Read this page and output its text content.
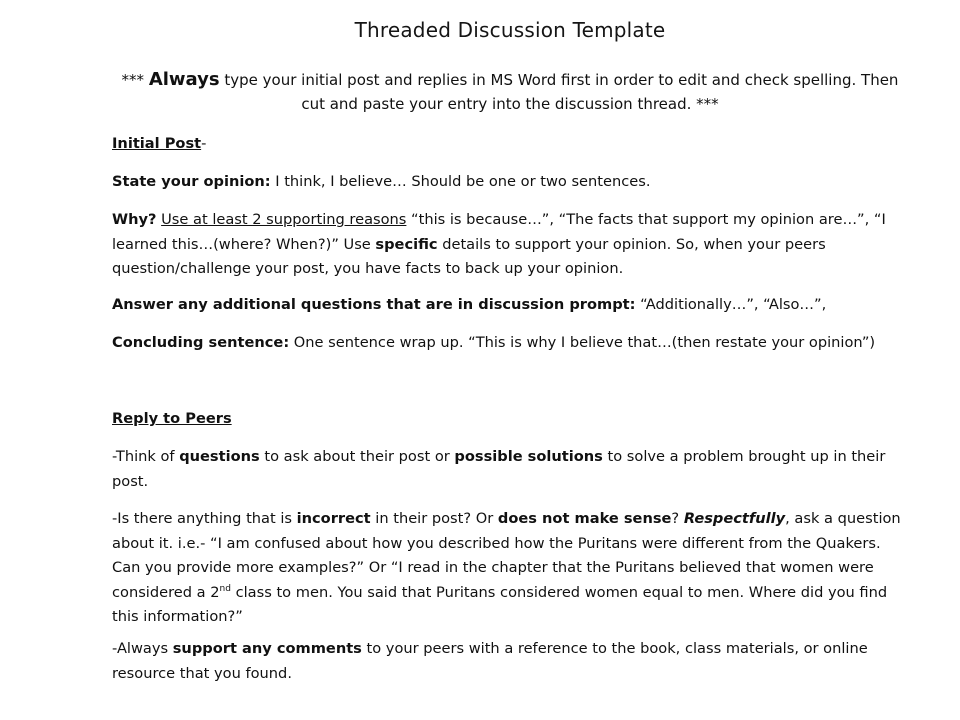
Threaded Discussion Template
*** Always type your initial post and replies in MS Word first in order to edit and check spelling. Then cut and paste your entry into the discussion thread. ***

Initial Post-

State your opinion: I think, I believe… Should be one or two sentences.

Why? Use at least 2 supporting reasons “this is because…”, “The facts that support my opinion are…”, “I learned this…(where? When?)” Use specific details to support your opinion. So, when your peers question/challenge your post, you have facts to back up your opinion.

Answer any additional questions that are in discussion prompt: “Additionally…”, “Also…”,

Concluding sentence: One sentence wrap up. “This is why I believe that…(then restate your opinion”)

Reply to Peers

-Think of questions to ask about their post or possible solutions to solve a problem brought up in their post.

-Is there anything that is incorrect in their post? Or does not make sense? Respectfully, ask a question about it. i.e.- “I am confused about how you described how the Puritans were different from the Quakers. Can you provide more examples?” Or “I read in the chapter that the Puritans believed that women were considered a 2nd class to men. You said that Puritans considered women equal to men. Where did you find this information?”

-Always support any comments to your peers with a reference to the book, class materials, or online resource that you found.
